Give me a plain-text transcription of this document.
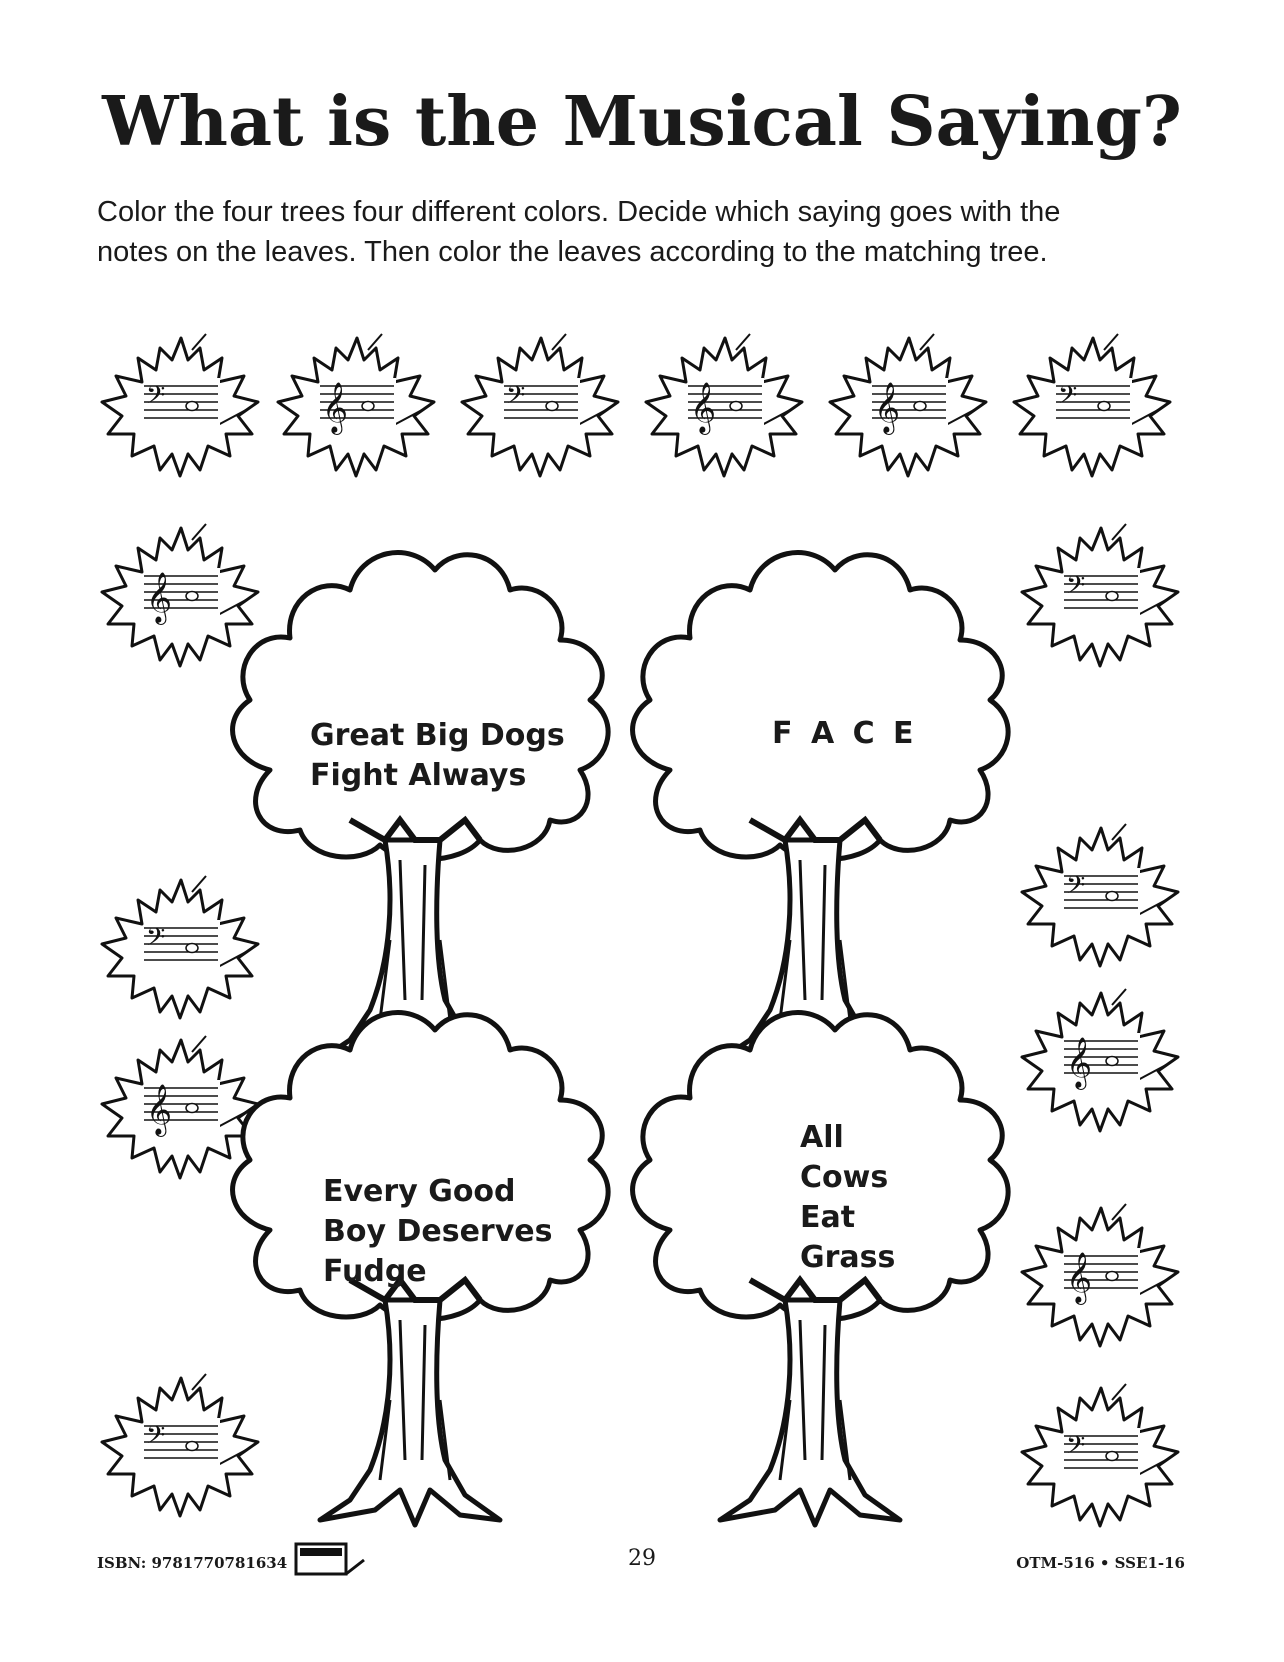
What is the Musical Saying?
Color the four trees four different colors. Decide which saying goes with the notes on the leaves. Then color the leaves according to the matching tree.
𝄢	𝄞	𝄢	𝄞	𝄞	𝄢
𝄞	𝄢
𝄢
𝄢
𝄞
𝄞
𝄞
𝄢	𝄢
Great Big Dogs
Fight Always
F A C E
Every Good
Boy Deserves
Fudge
All
Cows
Eat
Grass
ISBN: 9781770781634	29	OTM-516 • SSE1-16
